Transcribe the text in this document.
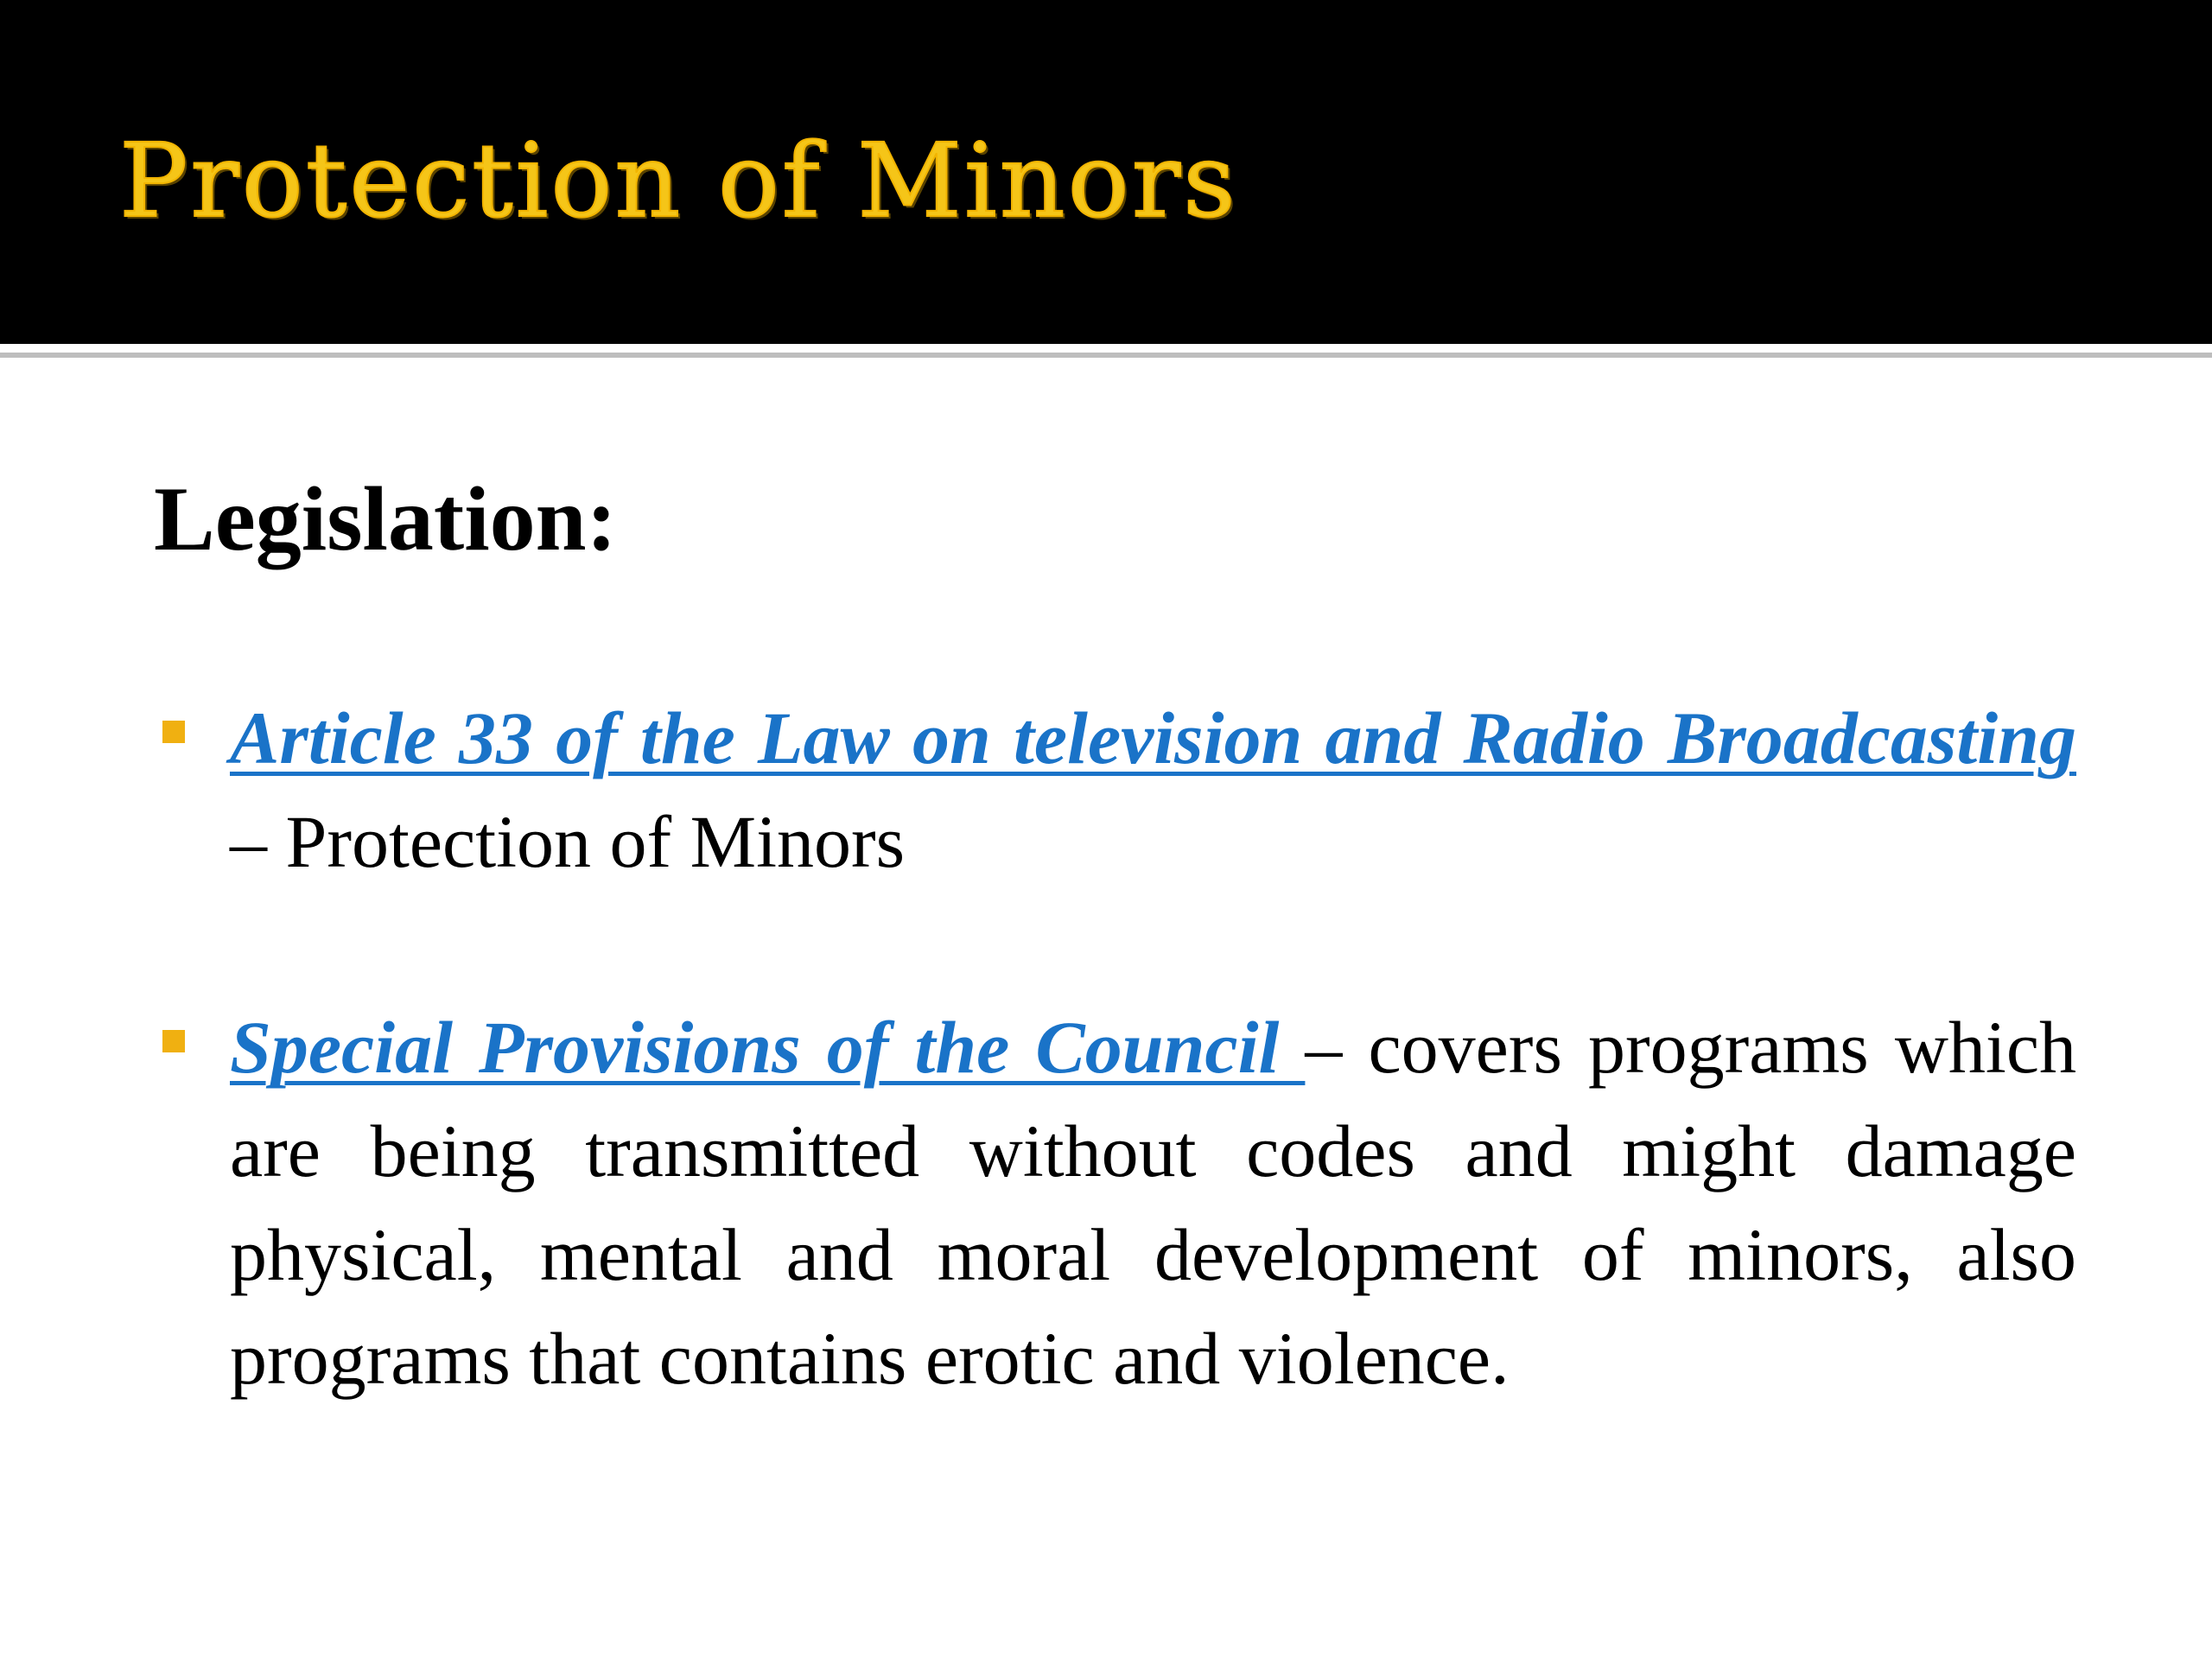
Protection of Minors
Legislation:
Article 33 of the Law on television and Radio Broadcasting – Protection of Minors
Special Provisions of the Council – covers programs which are being transmitted without codes and might damage physical, mental and moral development of minors, also programs that contains erotic and violence.
